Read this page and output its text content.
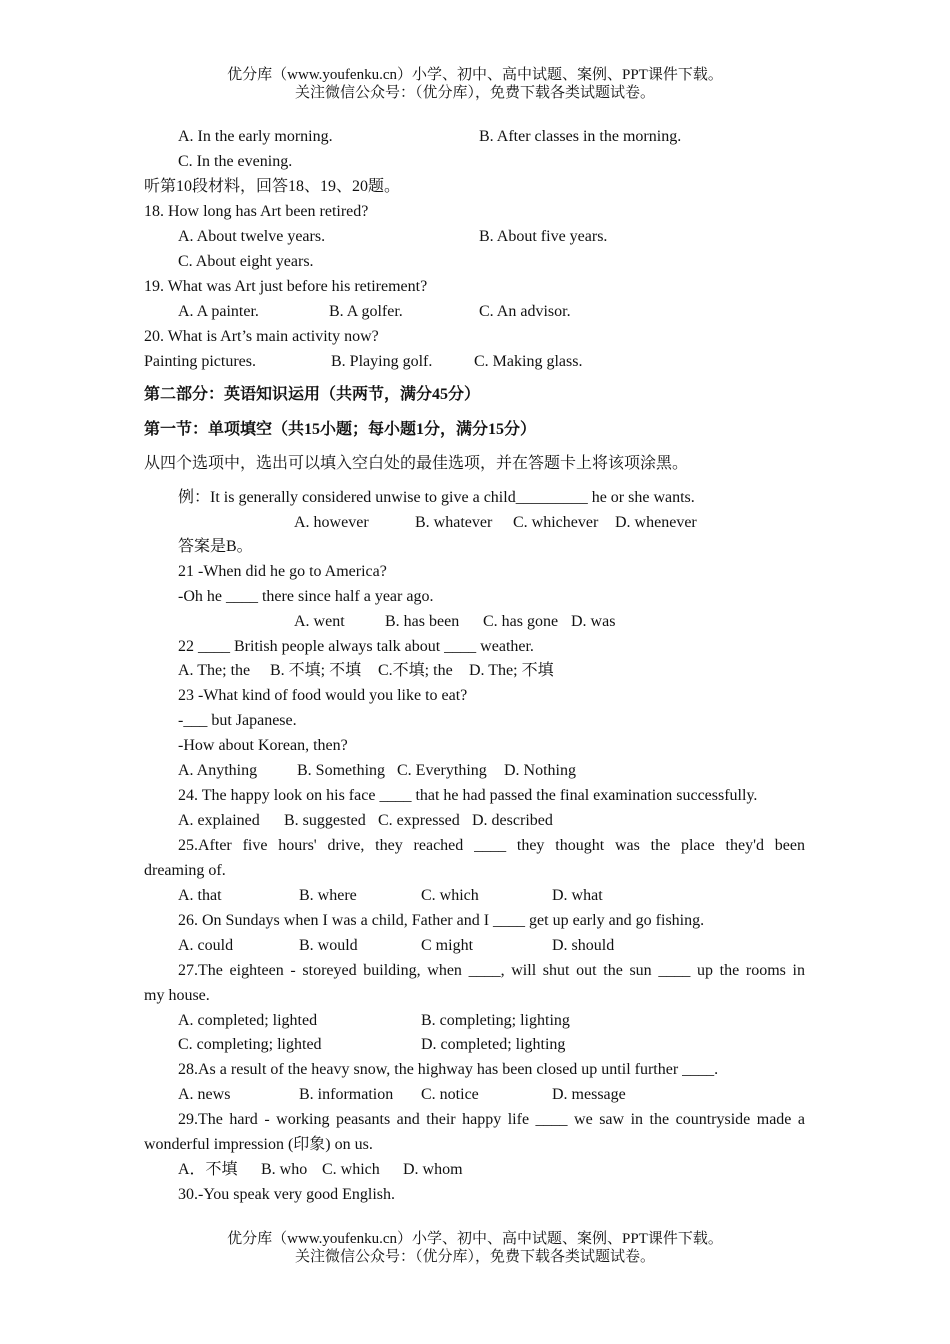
优分库（www.youfenku.cn）小学、初中、高中试题、案例、PPT课件下载。
关注微信公众号：（优分库），免费下载各类试题试卷。
A. In the early morning.	B. After classes in the morning.
C. In the evening.
听第10段材料，回答18、19、20题。
18. How long has Art been retired?
A. About twelve years.	B. About five years.
C. About eight years.
19. What was Art just before his retirement?
A. A painter.	B. A golfer.	C. An advisor.
20. What is Art’s main activity now?
Painting pictures.	B. Playing golf.	C. Making glass.
第二部分：英语知识运用（共两节，满分45分）
第一节：单项填空（共15小题；每小题1分，满分15分）
从四个选项中，选出可以填入空白处的最佳选项，并在答题卡上将该项涂黑。
例：It is generally considered unwise to give a child_________ he or she wants.
A. however	B. whatever C. whichever D. whenever
答案是B。
21 -When did he go to America?
-Oh he ____ there since half a year ago.
A. went	B. has been C. has gone D. was
22 ____ British people always talk about ____ weather.
A. The; the B. 不填; 不填 C.不填; the D. The; 不填
23 -What kind of food would you like to eat?
-___ but Japanese.
-How about Korean, then?
A. Anything B. Something C. Everything D. Nothing
24. The happy look on his face ____ that he had passed the final examination successfully.
A. explained B. suggested C. expressed D. described
25.After five hours' drive, they reached ____ they thought was the place they'd been
dreaming of.
A. that	B. where	C. which	D. what
26. On Sundays when I was a child, Father and I ____ get up early and go fishing.
A. could	B. would	C might	D. should
27.The eighteen - storeyed building, when ____, will shut out the sun ____ up the rooms in
my house.
A. completed; lighted	B. completing; lighting
C. completing; lighted	D. completed; lighting
28.As a result of the heavy snow, the highway has been closed up until further ____.
A. news	B. information C. notice	D. message
29.The hard - working peasants and their happy life ____ we saw in the countryside made a
wonderful impression (印象) on us.
A．不填 B. who C. which D. whom
30.-You speak very good English.
优分库（www.youfenku.cn）小学、初中、高中试题、案例、PPT课件下载。
关注微信公众号：（优分库），免费下载各类试题试卷。
